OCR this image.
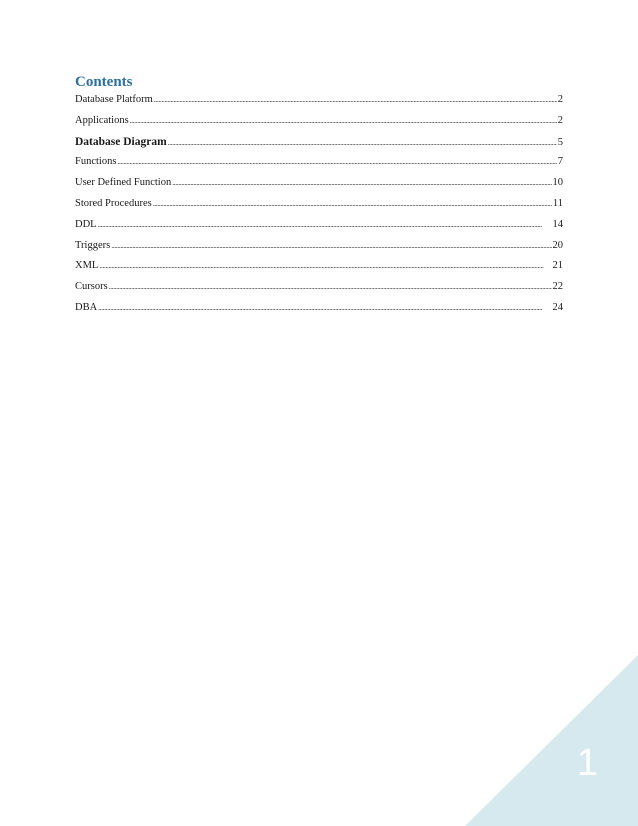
Contents
Database Platform .....	2
Applications .....	2
Database Diagram .....	5
Functions .....	7
User Defined Function .....	10
Stored Procedures .....	11
DDL .....	14
Triggers .....	20
XML .....	21
Cursors .....	22
DBA .....	24
1
